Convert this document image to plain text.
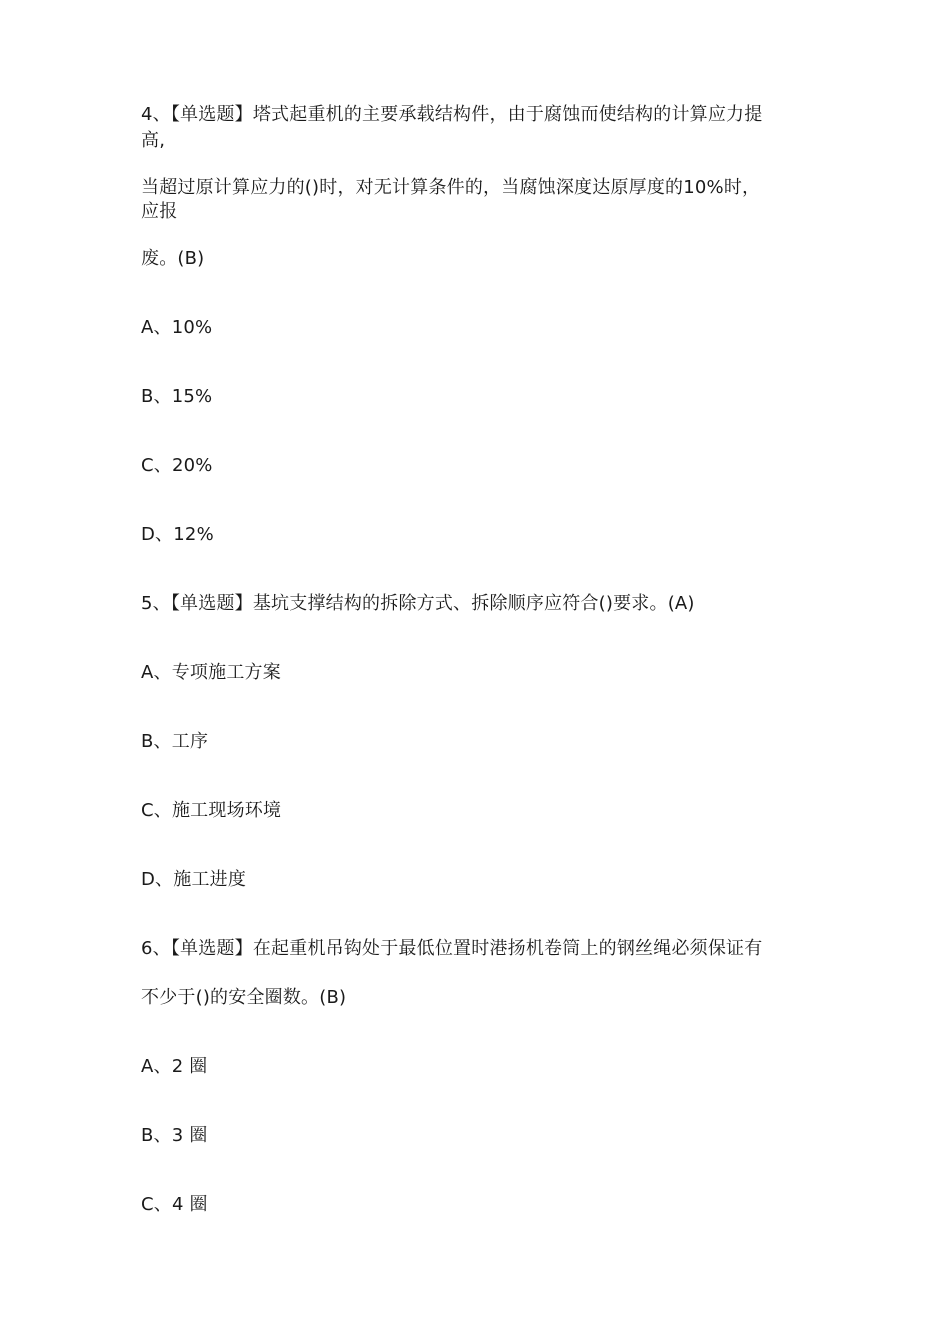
4、【单选题】塔式起重机的主要承载结构件，由于腐蚀而使结构的计算应力提
高,
当超过原计算应力的()时，对无计算条件的，当腐蚀深度达原厚度的10%时，
应报
废。(B)
A、10%
B、15%
C、20%
D、12%
5、【单选题】基坑支撑结构的拆除方式、拆除顺序应符合()要求。(A)
A、专项施工方案
B、工序
C、施工现场环境
D、施工进度
6、【单选题】在起重机吊钩处于最低位置时港扬机卷筒上的钢丝绳必须保证有
不少于()的安全圈数。(B)
A、2 圈
B、3 圈
C、4 圈
